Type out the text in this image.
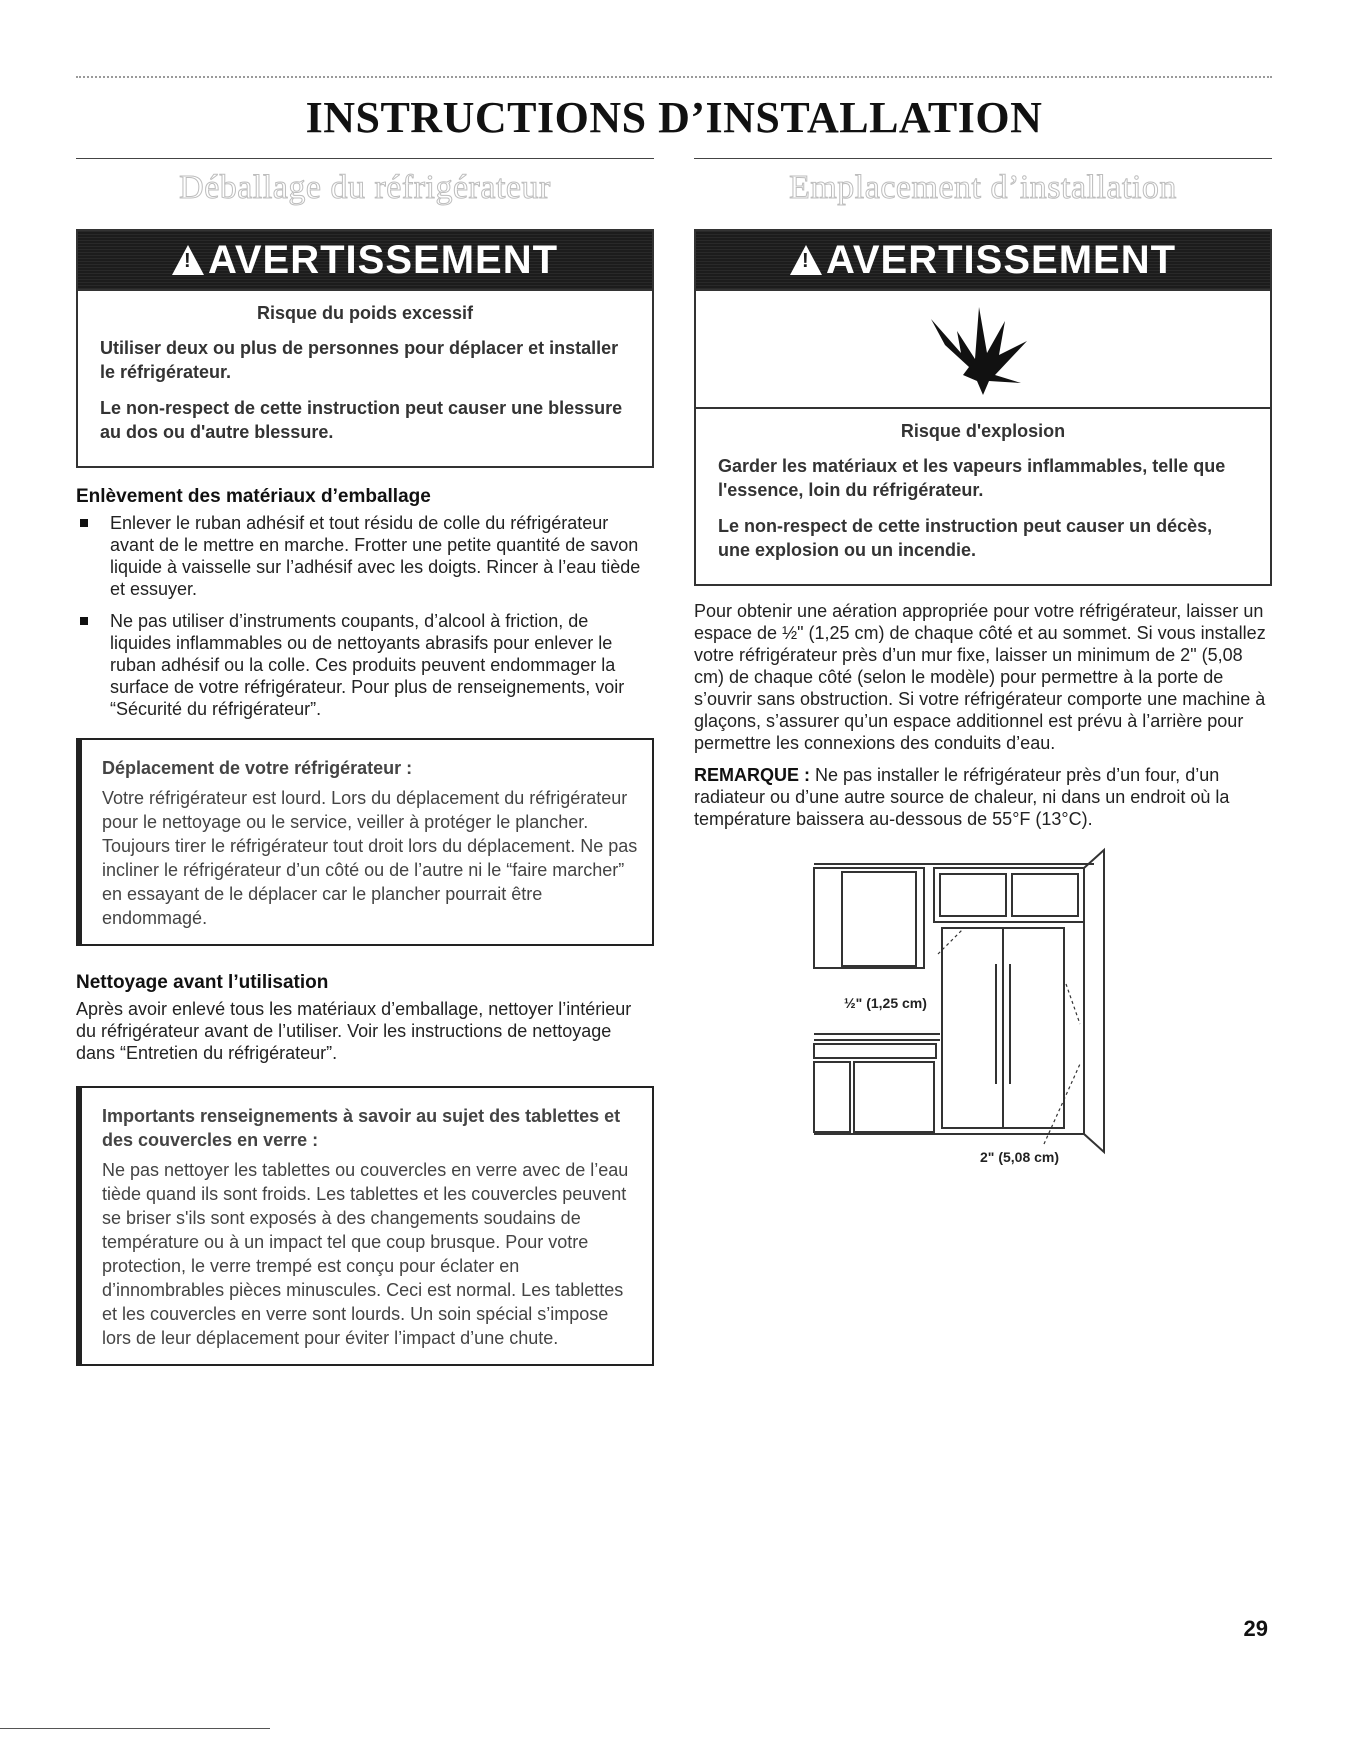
INSTRUCTIONS D’INSTALLATION
Déballage du réfrigérateur
!
AVERTISSEMENT
Risque du poids excessif

Utiliser deux ou plus de personnes pour déplacer et installer le réfrigérateur.

Le non-respect de cette instruction peut causer une blessure au dos ou d'autre blessure.

Enlèvement des matériaux d’emballage
Enlever le ruban adhésif et tout résidu de colle du réfrigérateur avant de le mettre en marche. Frotter une petite quantité de savon liquide à vaisselle sur l’adhésif avec les doigts. Rincer à l’eau tiède et essuyer.
Ne pas utiliser d’instruments coupants, d’alcool à friction, de liquides inflammables ou de nettoyants abrasifs pour enlever le ruban adhésif ou la colle. Ces produits peuvent endommager la surface de votre réfrigérateur. Pour plus de renseignements, voir “Sécurité du réfrigérateur”.
Déplacement de votre réfrigérateur :

Votre réfrigérateur est lourd. Lors du déplacement du réfrigérateur pour le nettoyage ou le service, veiller à protéger le plancher. Toujours tirer le réfrigérateur tout droit lors du déplacement. Ne pas incliner le réfrigérateur d’un côté ou de l’autre ni le “faire marcher” en essayant de le déplacer car le plancher pourrait être endommagé.

Nettoyage avant l’utilisation

Après avoir enlevé tous les matériaux d’emballage, nettoyer l’intérieur du réfrigérateur avant de l’utiliser. Voir les instructions de nettoyage dans “Entretien du réfrigérateur”.

Importants renseignements à savoir au sujet des tablettes et des couvercles en verre :

Ne pas nettoyer les tablettes ou couvercles en verre avec de l’eau tiède quand ils sont froids. Les tablettes et les couvercles peuvent se briser s'ils sont exposés à des changements soudains de température ou à un impact tel que coup brusque. Pour votre protection, le verre trempé est conçu pour éclater en d’innombrables pièces minuscules. Ceci est normal. Les tablettes et les couvercles en verre sont lourds. Un soin spécial s’impose lors de leur déplacement pour éviter l’impact d’une chute.

Emplacement d’installation
!
AVERTISSEMENT
Risque d'explosion

Garder les matériaux et les vapeurs inflammables, telle que l'essence, loin du réfrigérateur.

Le non-respect de cette instruction peut causer un décès, une explosion ou un incendie.

Pour obtenir une aération appropriée pour votre réfrigérateur, laisser un espace de ½" (1,25 cm) de chaque côté et au sommet. Si vous installez votre réfrigérateur près d’un mur fixe, laisser un minimum de 2" (5,08 cm) de chaque côté (selon le modèle) pour permettre à la porte de s’ouvrir sans obstruction. Si votre réfrigérateur comporte une machine à glaçons, s’assurer qu’un espace additionnel est prévu à l’arrière pour permettre les connexions des conduits d’eau.

REMARQUE : Ne pas installer le réfrigérateur près d’un four, d’un radiateur ou d’une autre source de chaleur, ni dans un endroit où la température baissera au-dessous de 55°F (13°C).

½" (1,25 cm)
2" (5,08 cm)
29
